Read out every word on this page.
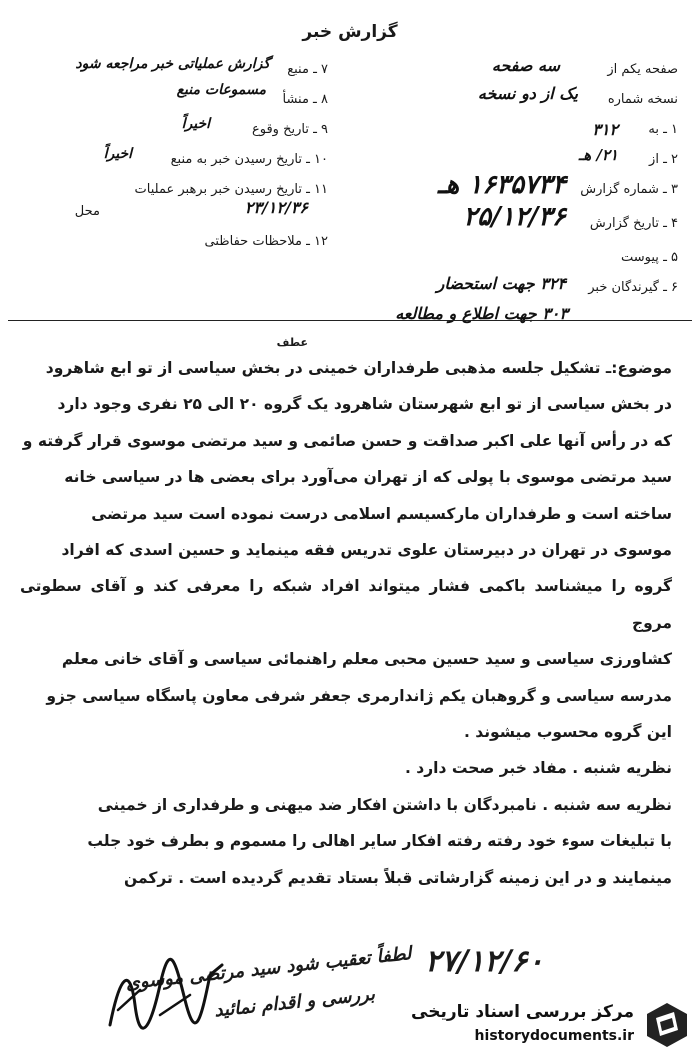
گزارش خبر
صفحه یکم از
سه صفحه
نسخه شماره
یک از دو نسخه
۱ ـ به
۳۱۲
۲ ـ از
۲۱/ هـ
۳ ـ شماره گزارش
۱۶۳۵۷۳۴ هـ
۴ ـ تاریخ گزارش
۲۵/۱۲/۳۶
۵ ـ پیوست
۶ ـ گیرندگان خبر
۳۲۴ جهت استحضار
۳۰۳ جهت اطلاع و مطالعه
۷ ـ منبع
گزارش عملیاتی خبر مراجعه شود
۸ ـ منشأ
مسموعات منبع
۹ ـ تاریخ وقوع
اخیراً
۱۰ ـ تاریخ رسیدن خبر به منبع
اخیراً
۱۱ ـ تاریخ رسیدن خبر برهبر عملیات
محل	۲۳/۱۲/۳۶
۱۲ ـ ملاحظات حفاظتی
عطف

موضوع:ـ تشکیل جلسه مذهبی طرفداران خمینی در بخش سیاسی از تو ابع شاهرود

در بخش سیاسی از تو ابع شهرستان شاهرود یک گروه ۲۰ الی ۲۵ نفری وجود دارد

که در رأس آنها علی اکبر صداقت و حسن صائمی و سید مرتضی موسوی قرار گرفته و

سید مرتضی موسوی با پولی که از تهران می‌آورد برای بعضی ها در سیاسی خانه

ساخته است و طرفداران مارکسیسم اسلامی درست نموده است سید مرتضی

موسوی در تهران در دبیرستان علوی تدریس فقه مینماید و حسین اسدی که افراد

گروه را میشناسد باکمی فشار میتواند افراد شبکه را معرفی کند و آقای سطوتی مروج

کشاورزی سیاسی و سید حسین محبی معلم راهنمائی سیاسی و آقای خانی معلم

مدرسه سیاسی و گروهبان یکم ژاندارمری جعفر شرفی معاون پاسگاه سیاسی جزو

این گروه محسوب میشوند .

نظریه شنبه . مفاد خبر صحت دارد .

نظریه سه شنبه . نامبردگان با داشتن افکار ضد میهنی و طرفداری از خمینی

با تبلیغات سوء خود رفته رفته افکار سایر اهالی را مسموم و بطرف خود جلب

مینمایند و در این زمینه گزارشاتی قبلاً بستاد تقدیم گردیده است . ترکمن

۲۷/۱۲/۶۰
لطفاً تعقیب شود سید مرتضی موسوی
بررسی و اقدام نمائید مرکز بررسی اسناد تاریخی
historydocuments.ir
